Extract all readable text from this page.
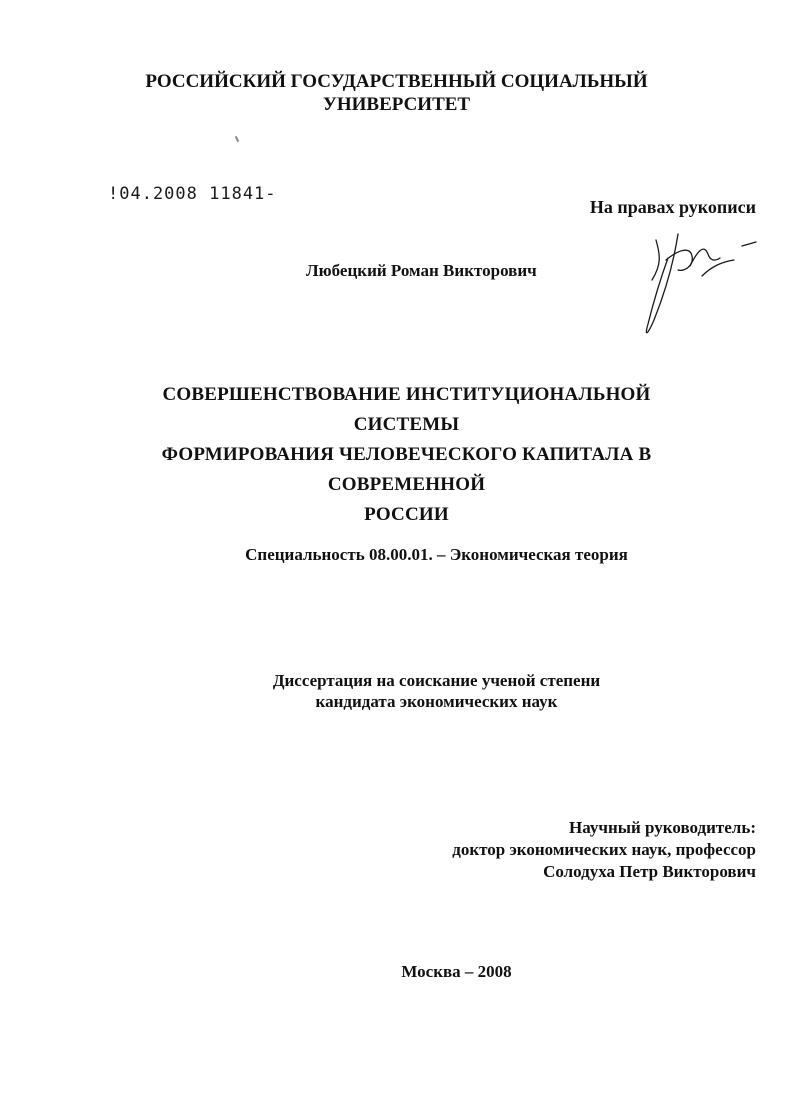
РОССИЙСКИЙ ГОСУДАРСТВЕННЫЙ СОЦИАЛЬНЫЙ
УНИВЕРСИТЕТ
!04.2008 11841-
На правах рукописи
Любецкий Роман Викторович
СОВЕРШЕНСТВОВАНИЕ ИНСТИТУЦИОНАЛЬНОЙ СИСТЕМЫ
ФОРМИРОВАНИЯ ЧЕЛОВЕЧЕСКОГО КАПИТАЛА В СОВРЕМЕННОЙ
РОССИИ
Специальность 08.00.01. – Экономическая теория
Диссертация на соискание ученой степени
кандидата экономических наук
Научный руководитель:
доктор экономических наук, профессор
Солодуха Петр Викторович
Москва – 2008
